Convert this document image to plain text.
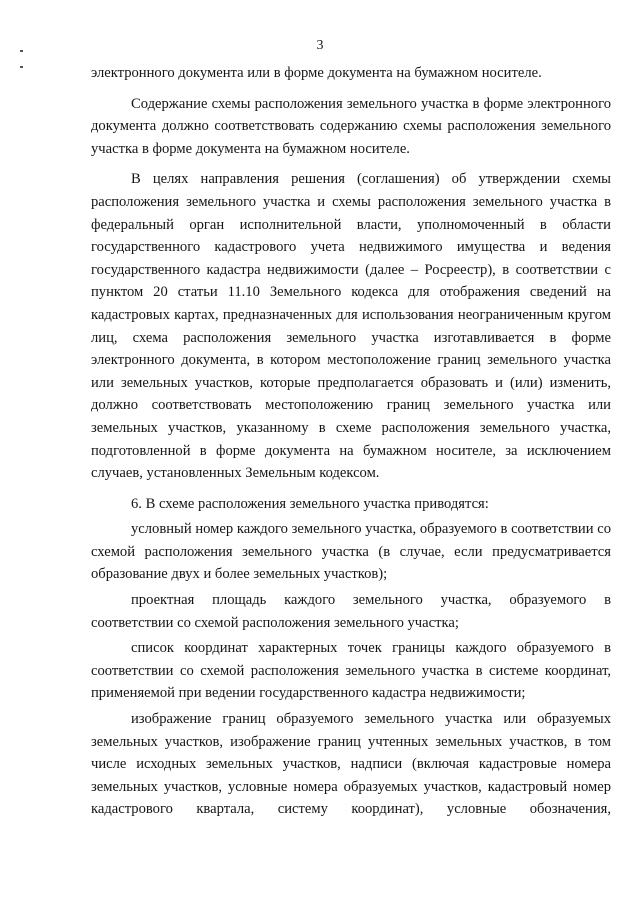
3

электронного документа или в форме документа на бумажном носителе.

Содержание схемы расположения земельного участка в форме электронного документа должно соответствовать содержанию схемы расположения земельного участка в форме документа на бумажном носителе.

В целях направления решения (соглашения) об утверждении схемы расположения земельного участка и схемы расположения земельного участка в федеральный орган исполнительной власти, уполномоченный в области государственного кадастрового учета недвижимого имущества и ведения государственного кадастра недвижимости (далее – Росреестр), в соответствии с пунктом 20 статьи 11.10 Земельного кодекса для отображения сведений на кадастровых картах, предназначенных для использования неограниченным кругом лиц, схема расположения земельного участка изготавливается в форме электронного документа, в котором местоположение границ земельного участка или земельных участков, которые предполагается образовать и (или) изменить, должно соответствовать местоположению границ земельного участка или земельных участков, указанному в схеме расположения земельного участка, подготовленной в форме документа на бумажном носителе, за исключением случаев, установленных Земельным кодексом.

6. В схеме расположения земельного участка приводятся:

условный номер каждого земельного участка, образуемого в соответствии со схемой расположения земельного участка (в случае, если предусматривается образование двух и более земельных участков);

проектная площадь каждого земельного участка, образуемого в соответствии со схемой расположения земельного участка;

список координат характерных точек границы каждого образуемого в соответствии со схемой расположения земельного участка в системе координат, применяемой при ведении государственного кадастра недвижимости;

изображение границ образуемого земельного участка или образуемых земельных участков, изображение границ учтенных земельных участков, в том числе исходных земельных участков, надписи (включая кадастровые номера земельных участков, условные номера образуемых участков, кадастровый номер кадастрового квартала, систему координат), условные обозначения,
